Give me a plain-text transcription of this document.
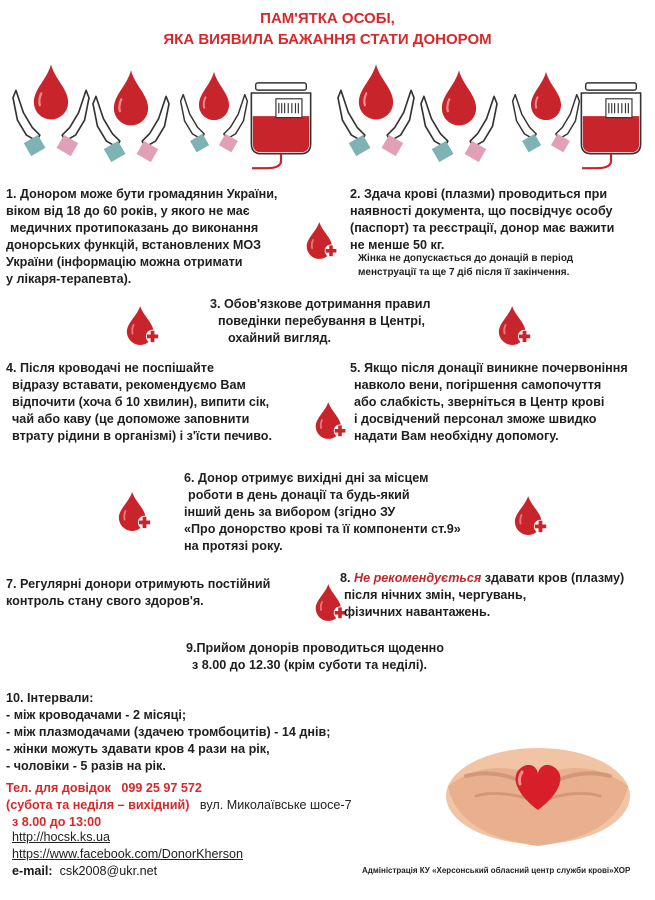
ПАМ'ЯТКА ОСОБІ,
ЯКА ВИЯВИЛА БАЖАННЯ СТАТИ ДОНОРОМ
1. Донором може бути громадянин України,
віком від 18 до 60 років, у якого не має
медичних протипоказань до виконання
донорських функцій, встановлених МОЗ
України (інформацію можна отримати
у лікаря-терапевта).
2. Здача крові (плазми) проводиться при
наявності документа, що посвідчує особу
(паспорт) та реєстрації, донор має важити
не менше 50 кг.
Жінка не допускається до донацій в період
менструації та ще 7 діб після її закінчення.
3. Обов'язкове дотримання правил
поведінки перебування в Центрі,
охайний вигляд.
4. Після кроводачі не поспішайте
відразу вставати, рекомендуємо Вам
відпочити (хоча б 10 хвилин), випити сік,
чай або каву (це допоможе заповнити
втрату рідини в організмі) і з'їсти печиво.
5. Якщо після донації виникне почервоніння
навколо вени, погіршення самопочуття
або слабкість, зверніться в Центр крові
і досвідчений персонал зможе швидко
надати Вам необхідну допомогу.
6. Донор отримує вихідні дні за місцем
роботи в день донації та будь-який
інший день за вибором (згідно ЗУ
«Про донорство крові та її компоненти ст.9»
на протязі року.
7. Регулярні донори отримують постійний
контроль стану свого здоров'я.
8. Не рекомендується здавати кров (плазму)
після нічних змін, чергувань,
фізичних навантажень.
9.Прийом донорів проводиться щоденно
з 8.00 до 12.30 (крім суботи та неділі).
10. Інтервали:
- між кроводачами - 2 місяці;
- між плазмодачами (здачею тромбоцитів) - 14 днів;
- жінки можуть здавати кров 4 рази на рік,
- чоловіки - 5 разів на рік.
Тел. для довідок 099 25 97 572
(субота та неділя – вихідний) вул. Миколаївське шосе-7
з 8.00 до 13:00
http://hocsk.ks.ua
https://www.facebook.com/DonorKherson
e-mail: csk2008@ukr.net	Адміністрація КУ «Херсонський обласний центр служби крові»ХОР
